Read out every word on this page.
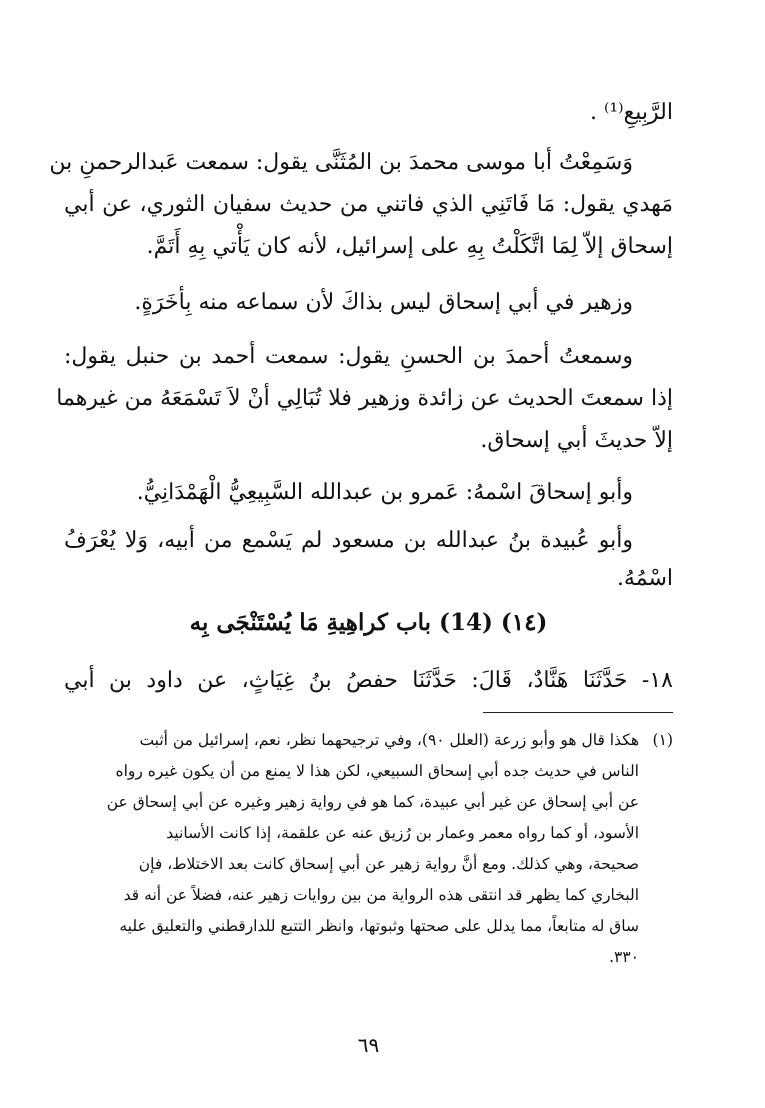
الرَّبِيعِ⁽¹⁾ .
وَسَمِعْتُ أبا موسى محمدَ بن المُثَنَّى يقول: سمعت عَبدالرحمنِ بن
مَهدي يقول: مَا فَاتَنِي الذي فاتني من حديث سفيان الثوري، عن أبي
إسحاق إلاّ لِمَا اتَّكَلْتُ بِهِ على إسرائيل، لأنه كان يَأْتي بِهِ أَتَمَّ.
وزهير في أبي إسحاق ليس بذاكَ لأن سماعه منه بِأخَرَةٍ.
وسمعتُ أحمدَ بن الحسنِ يقول: سمعت أحمد بن حنبل يقول:
إذا سمعتَ الحديث عن زائدة وزهير فلا تُبَالِي أنْ لاَ تَسْمَعَهُ من غيرهما
إلاّ حديثَ أبي إسحاق.
وأبو إسحاقَ اسْمهُ: عَمرو بن عبدالله السَّبِيعِيُّ الْهَمْدَانِيُّ.
وأبو عُبيدة بنُ عبدالله بن مسعود لم يَسْمع من أبيه، وَلا يُعْرَفُ
اسْمُهُ.
(١٤) (14) باب كراهِيةِ مَا يُسْتَنْجَى بِه
١٨- حَدَّثَنَا هَنَّادٌ، قَالَ: حَدَّثَنَا حفصُ بنُ غِيَاثٍ، عن داود بن أبي
(١)
هكذا قال هو وأبو زرعة (العلل ٩٠)، وفي ترجيحهما نظر، نعم، إسرائيل من أثبت
الناس في حديث جده أبي إسحاق السبيعي، لكن هذا لا يمنع من أن يكون غيره رواه
عن أبي إسحاق عن غير أبي عبيدة، كما هو في رواية زهير وغيره عن أبي إسحاق عن
الأسود، أو كما رواه معمر وعمار بن رُزيق عنه عن علقمة، إذا كانت الأسانيد
صحيحة، وهي كذلك. ومع أنَّ رواية زهير عن أبي إسحاق كانت بعد الاختلاط، فإن
البخاري كما يظهر قد انتقى هذه الرواية من بين روايات زهير عنه، فضلاً عن أنه قد
ساق له متابعاً، مما يدلل على صحتها وثبوتها، وانظر التتبع للدارقطني والتعليق عليه
٣٣٠.
٦٩
